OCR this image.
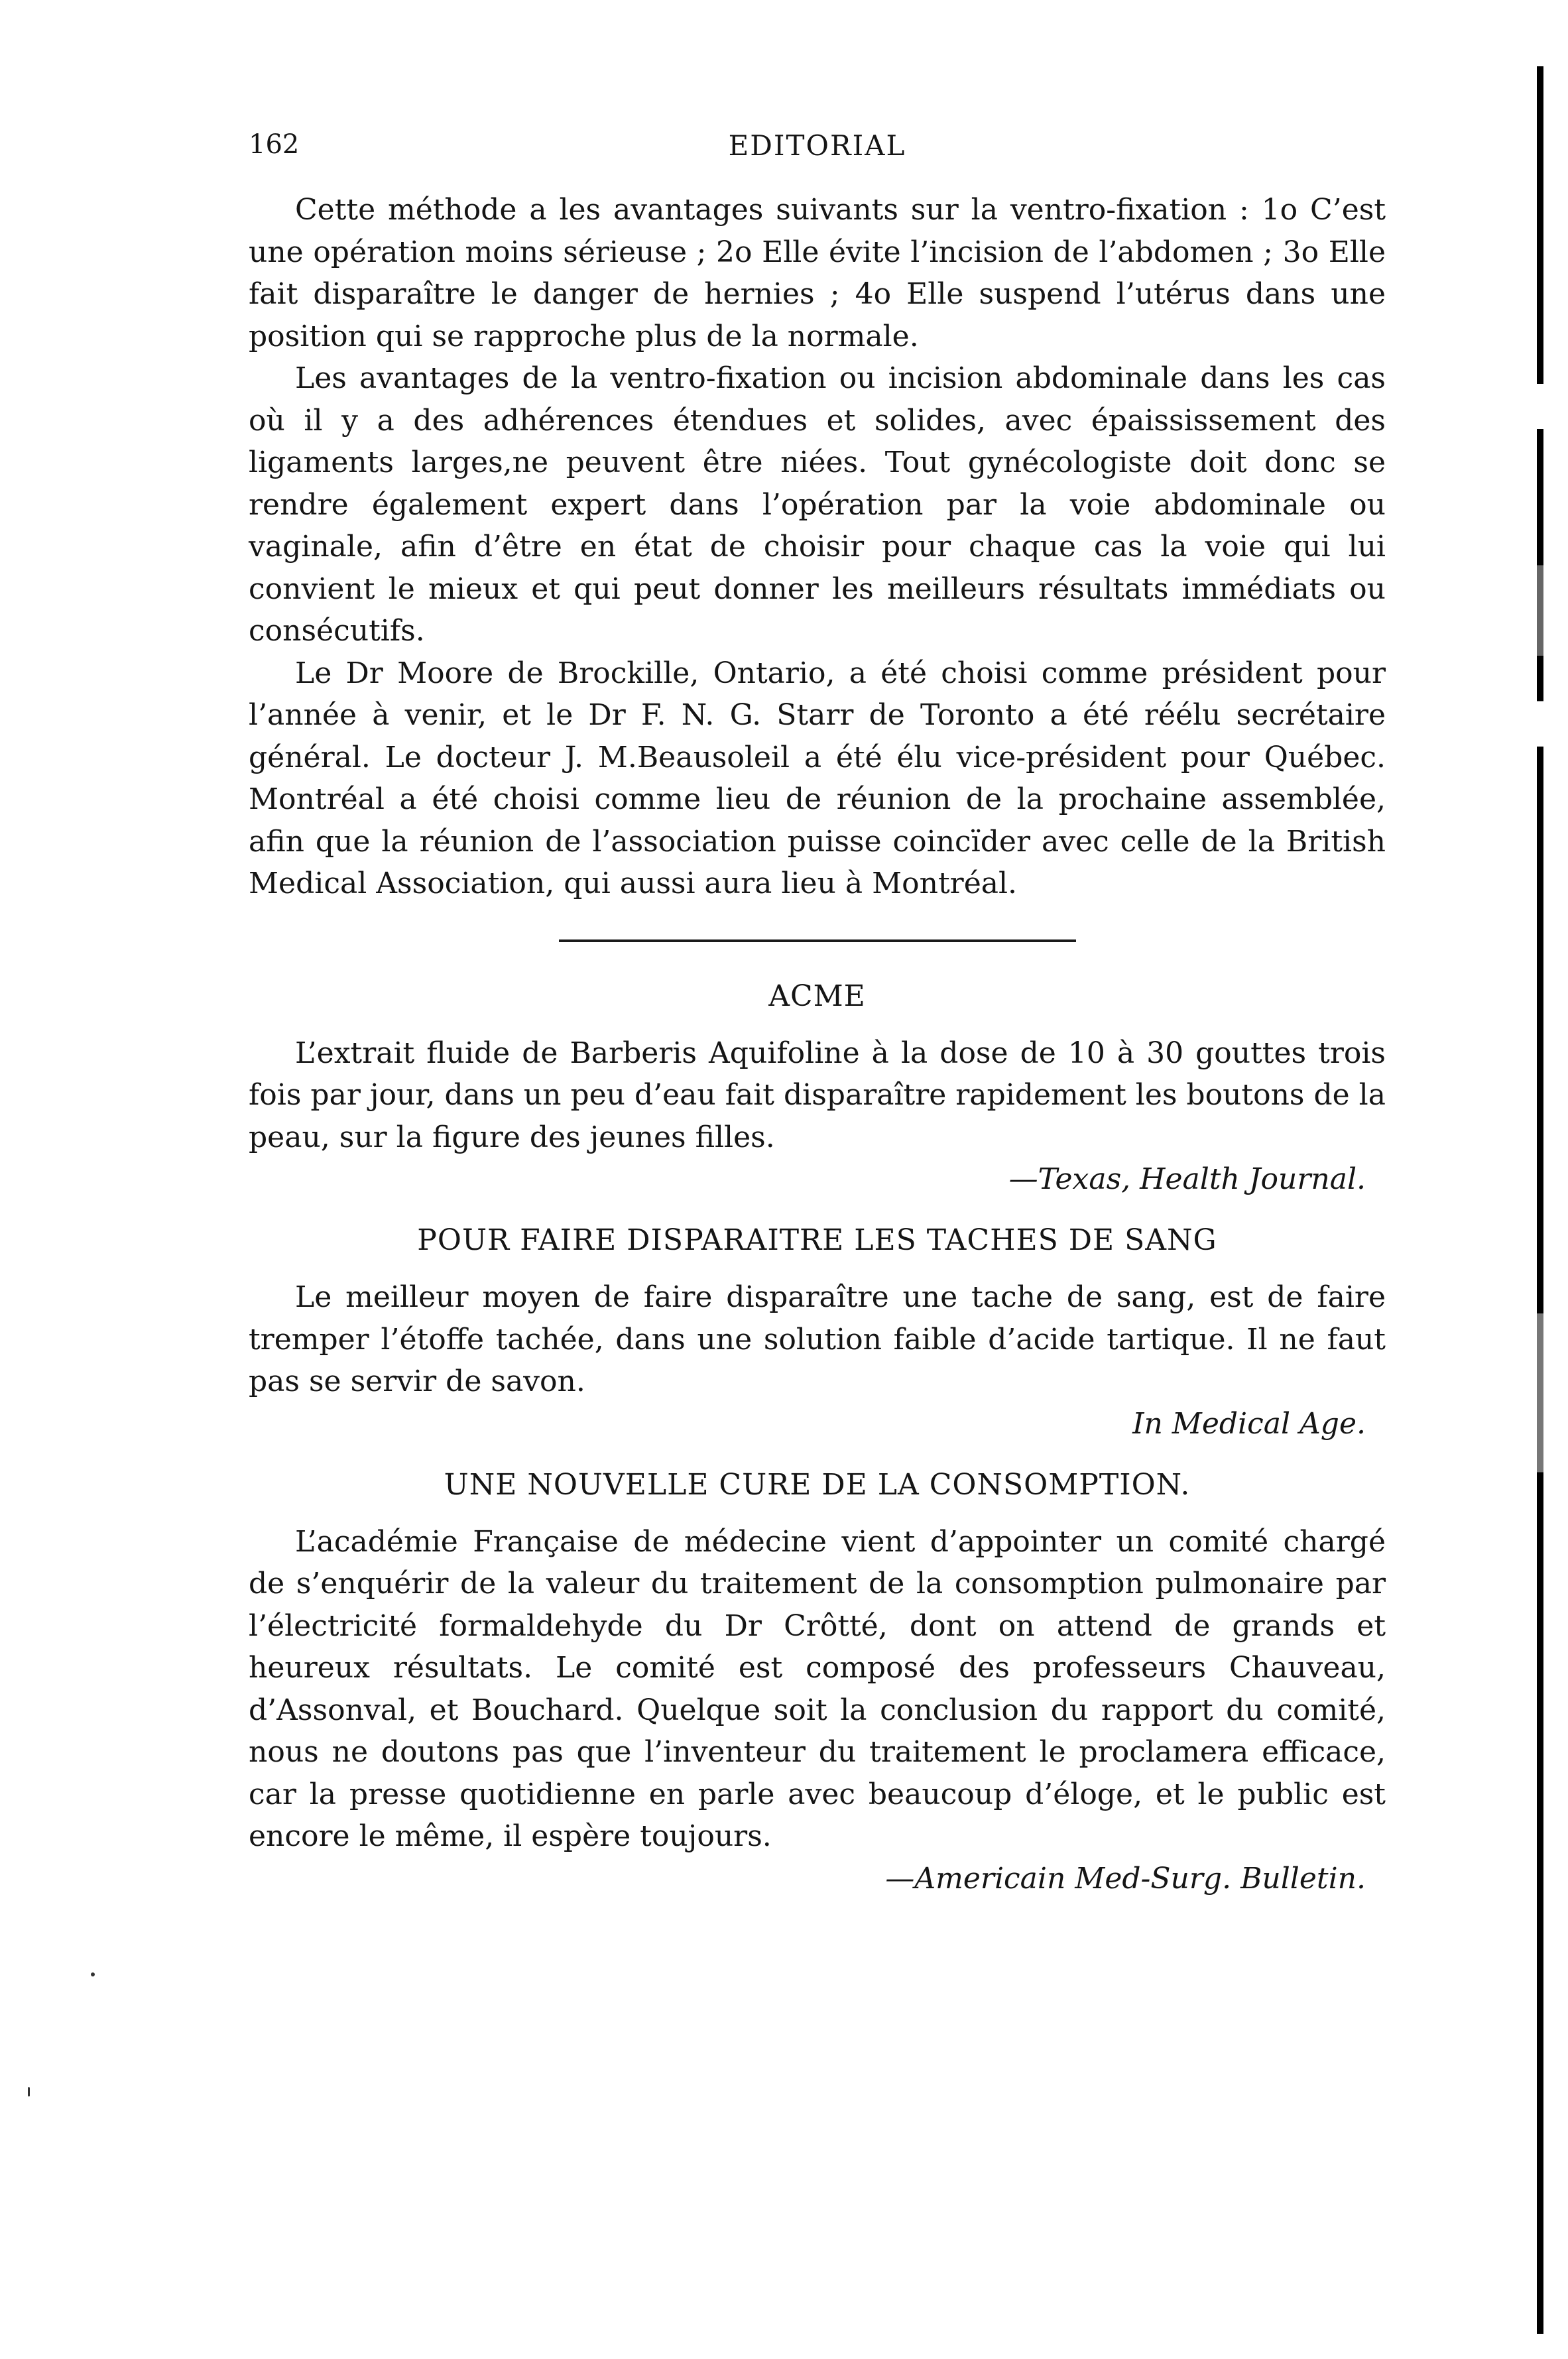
162	EDITORIAL

Cette méthode a les avantages suivants sur la ventro-fixation : 1o C’est une opération moins sérieuse ; 2o Elle évite l’incision de l’abdomen ; 3o Elle fait disparaître le danger de hernies ; 4o Elle suspend l’utérus dans une position qui se rapproche plus de la normale.

Les avantages de la ventro-fixation ou incision abdominale dans les cas où il y a des adhérences étendues et solides, avec épaississement des ligaments larges,ne peuvent être niées. Tout gynécologiste doit donc se rendre également expert dans l’opération par la voie abdominale ou vaginale, afin d’être en état de choisir pour chaque cas la voie qui lui convient le mieux et qui peut donner les meilleurs résultats immédiats ou consécutifs.

Le Dr Moore de Brockille, Ontario, a été choisi comme président pour l’année à venir, et le Dr F. N. G. Starr de Toronto a été réélu secrétaire général. Le docteur J. M.Beausoleil a été élu vice-président pour Québec. Montréal a été choisi comme lieu de réunion de la prochaine assemblée, afin que la réunion de l’association puisse coincïder avec celle de la British Medical Association, qui aussi aura lieu à Montréal.

ACME

L’extrait fluide de Barberis Aquifoline à la dose de 10 à 30 gouttes trois fois par jour, dans un peu d’eau fait disparaître rapidement les boutons de la peau, sur la figure des jeunes filles.

—Texas, Health Journal.
POUR FAIRE DISPARAITRE LES TACHES DE SANG

Le meilleur moyen de faire disparaître une tache de sang, est de faire tremper l’étoffe tachée, dans une solution faible d’acide tartique. Il ne faut pas se servir de savon.

In Medical Age.
UNE NOUVELLE CURE DE LA CONSOMPTION.

L’académie Française de médecine vient d’appointer un comité chargé de s’enquérir de la valeur du traitement de la consomption pulmonaire par l’électricité formaldehyde du Dr Crôtté, dont on attend de grands et heureux résultats. Le comité est composé des professeurs Chauveau, d’Assonval, et Bouchard. Quelque soit la conclusion du rapport du comité, nous ne doutons pas que l’inventeur du traitement le proclamera efficace, car la presse quotidienne en parle avec beaucoup d’éloge, et le public est encore le même, il espère toujours.

—Americain Med-Surg. Bulletin.
